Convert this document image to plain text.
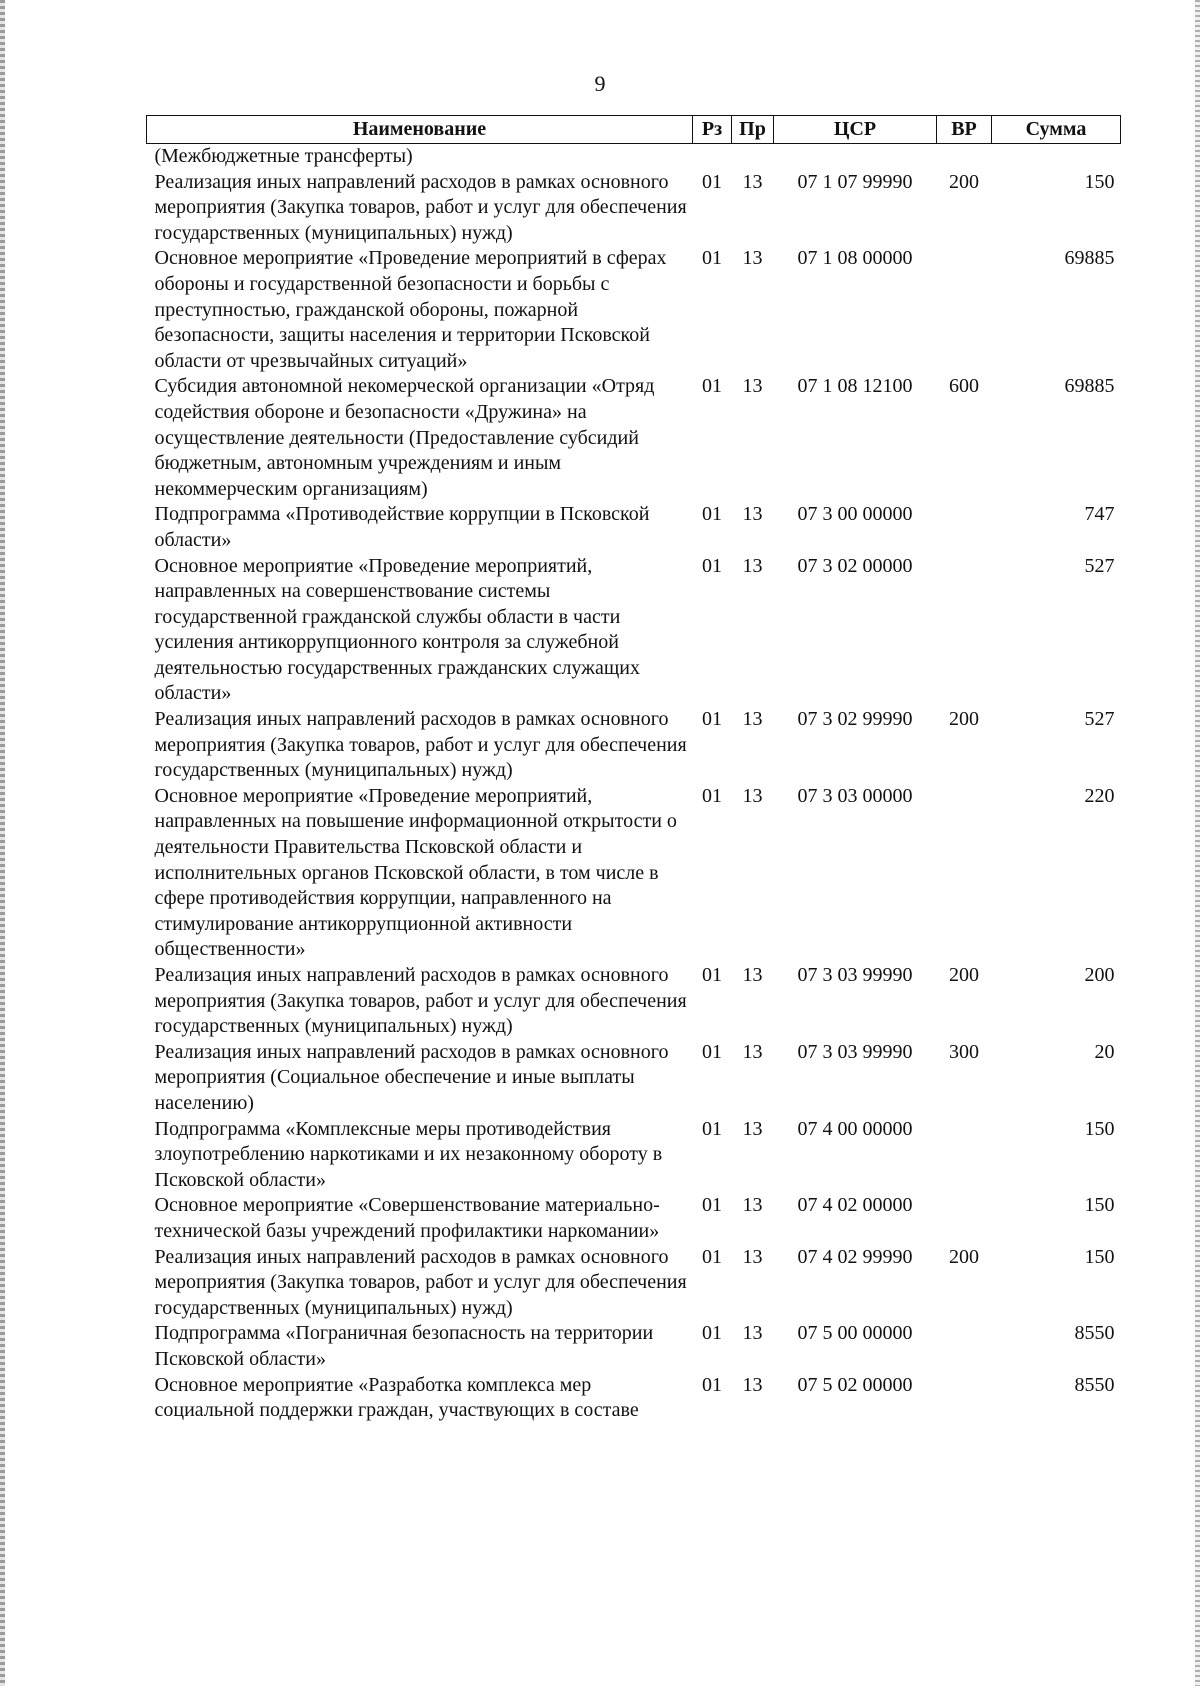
9
Наименование	Рз	Пр	ЦСР	ВР	Сумма
(Межбюджетные трансферты)					
Реализация иных направлений расходов в рамках основного мероприятия (Закупка товаров, работ и услуг для обеспечения государственных (муниципальных) нужд)	01	13	07 1 07 99990	200	150
Основное мероприятие «Проведение мероприятий в сферах обороны и государственной безопасности и борьбы с преступностью, гражданской обороны, пожарной безопасности, защиты населения и территории Псковской области от чрезвычайных ситуаций»	01	13	07 1 08 00000		69885
Субсидия автономной некомерческой организации «Отряд содействия обороне и безопасности «Дружина» на осуществление деятельности (Предоставление субсидий бюджетным, автономным учреждениям и иным некоммерческим организациям)	01	13	07 1 08 12100	600	69885
Подпрограмма «Противодействие коррупции в Псковской области»	01	13	07 3 00 00000		747
Основное мероприятие «Проведение мероприятий, направленных на совершенствование системы государственной гражданской службы области в части усиления антикоррупционного контроля за служебной деятельностью государственных гражданских служащих области»	01	13	07 3 02 00000		527
Реализация иных направлений расходов в рамках основного мероприятия (Закупка товаров, работ и услуг для обеспечения государственных (муниципальных) нужд)	01	13	07 3 02 99990	200	527
Основное мероприятие «Проведение мероприятий, направленных на повышение информационной открытости о деятельности Правительства Псковской области и исполнительных органов Псковской области, в том числе в сфере противодействия коррупции, направленного на стимулирование антикоррупционной активности общественности»	01	13	07 3 03 00000		220
Реализация иных направлений расходов в рамках основного мероприятия (Закупка товаров, работ и услуг для обеспечения государственных (муниципальных) нужд)	01	13	07 3 03 99990	200	200
Реализация иных направлений расходов в рамках основного мероприятия (Социальное обеспечение и иные выплаты населению)	01	13	07 3 03 99990	300	20
Подпрограмма «Комплексные меры противодействия злоупотреблению наркотиками и их незаконному обороту в Псковской области»	01	13	07 4 00 00000		150
Основное мероприятие «Совершенствование материально-технической базы учреждений профилактики наркомании»	01	13	07 4 02 00000		150
Реализация иных направлений расходов в рамках основного мероприятия (Закупка товаров, работ и услуг для обеспечения государственных (муниципальных) нужд)	01	13	07 4 02 99990	200	150
Подпрограмма «Пограничная безопасность на территории Псковской области»	01	13	07 5 00 00000		8550
Основное мероприятие «Разработка комплекса мер социальной поддержки граждан, участвующих в составе	01	13	07 5 02 00000		8550
